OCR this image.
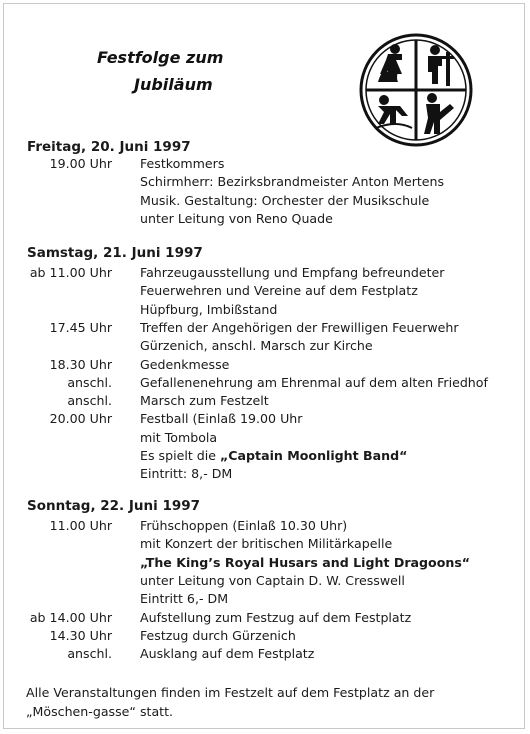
Festfolge zum
Jubiläum
Freitag, 20. Juni 1997
19.00 Uhr Festkommers
Schirmherr: Bezirksbrandmeister Anton Mertens
Musik. Gestaltung: Orchester der Musikschule
unter Leitung von Reno Quade
Samstag, 21. Juni 1997
ab 11.00 Uhr Fahrzeugausstellung und Empfang befreundeter
Feuerwehren und Vereine auf dem Festplatz
Hüpfburg, Imbißstand
17.45 Uhr Treffen der Angehörigen der Frewilligen Feuerwehr
Gürzenich, anschl. Marsch zur Kirche
18.30 Uhr Gedenkmesse
anschl. Gefallenenehrung am Ehrenmal auf dem alten Friedhof
anschl. Marsch zum Festzelt
20.00 Uhr Festball (Einlaß 19.00 Uhr
mit Tombola
Es spielt die „Captain Moonlight Band“
Eintritt: 8,- DM
Sonntag, 22. Juni 1997
11.00 Uhr Frühschoppen (Einlaß 10.30 Uhr)
mit Konzert der britischen Militärkapelle
„The King’s Royal Husars and Light Dragoons“
unter Leitung von Captain D. W. Cresswell
Eintritt 6,- DM
ab 14.00 Uhr Aufstellung zum Festzug auf dem Festplatz
14.30 Uhr Festzug durch Gürzenich
anschl. Ausklang auf dem Festplatz
Alle Veranstaltungen finden im Festzelt auf dem Festplatz an der „Möschen-gasse“ statt.
